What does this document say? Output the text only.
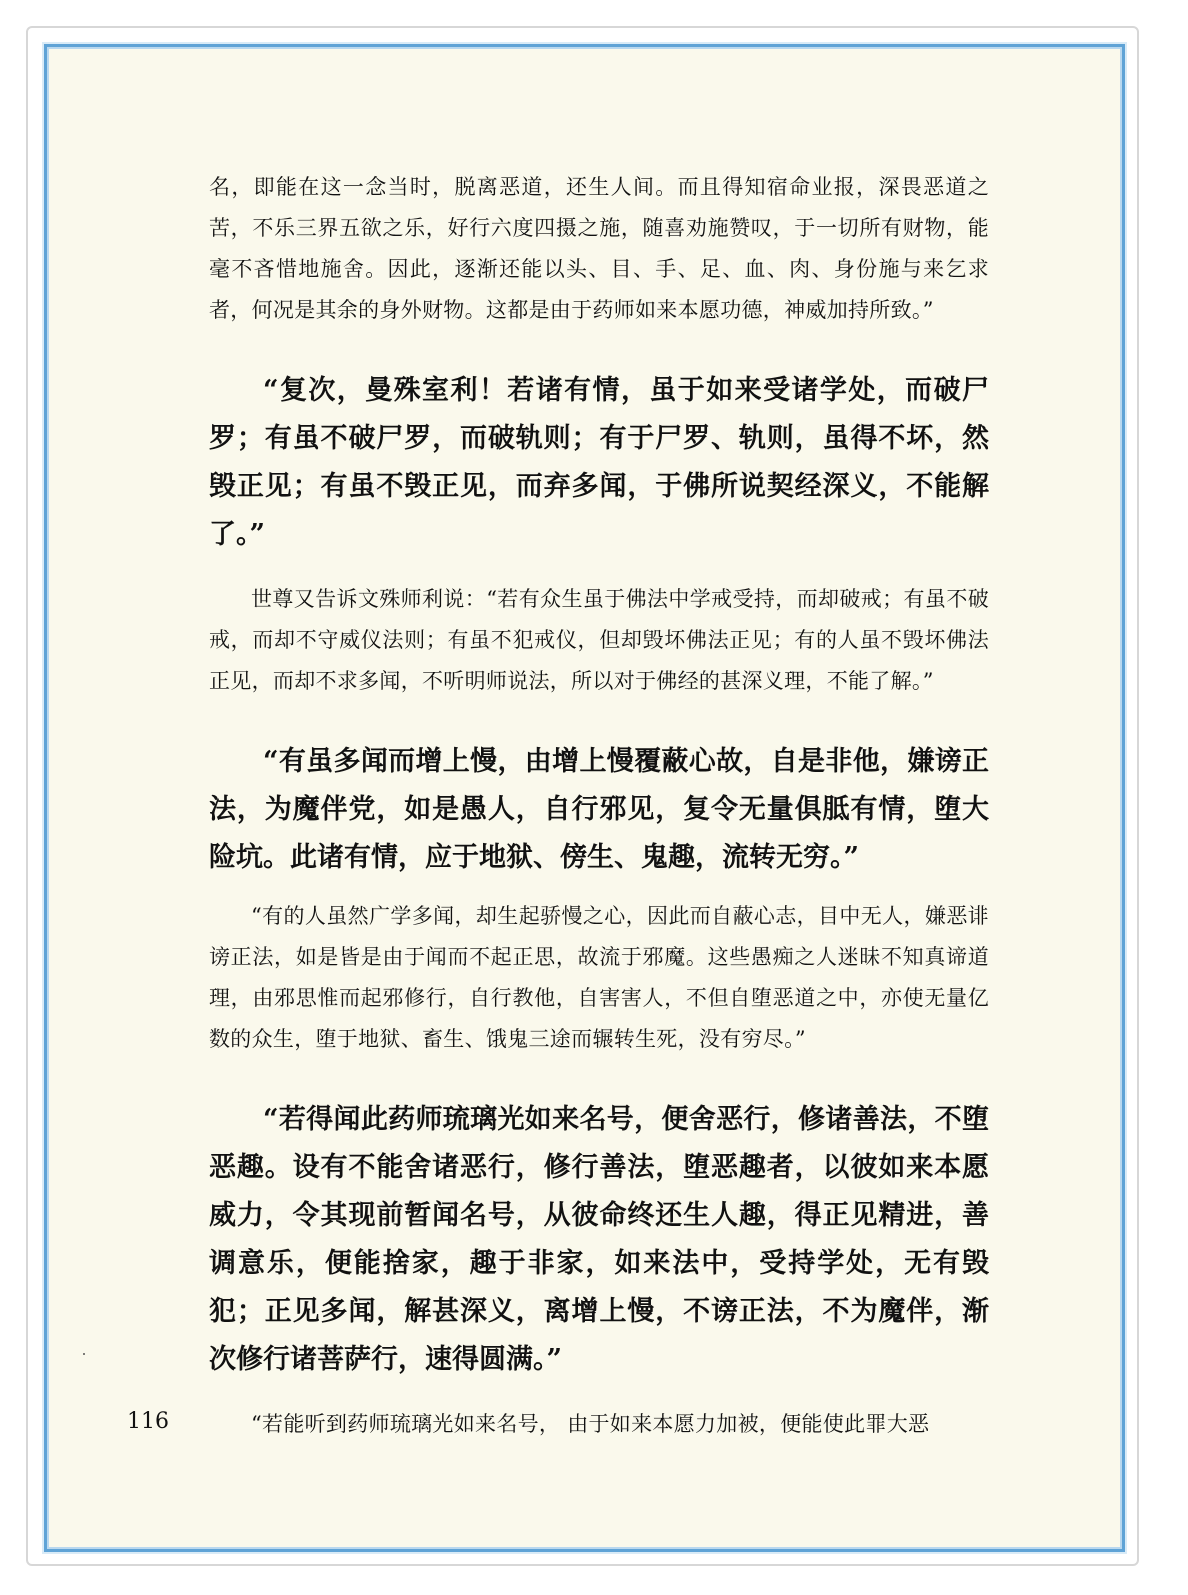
名，即能在这一念当时，脱离恶道，还生人间。而且得知宿命业报，深畏恶道之苦，不乐三界五欲之乐，好行六度四摄之施，随喜劝施赞叹，于一切所有财物，能毫不吝惜地施舍。因此，逐渐还能以头、目、手、足、血、肉、身份施与来乞求者，何况是其余的身外财物。这都是由于药师如来本愿功德，神威加持所致。”

“复次，曼殊室利！若诸有情，虽于如来受诸学处，而破尸罗；有虽不破尸罗，而破轨则；有于尸罗、轨则，虽得不坏，然毁正见；有虽不毁正见，而弃多闻，于佛所说契经深义，不能解了。”

世尊又告诉文殊师利说：“若有众生虽于佛法中学戒受持，而却破戒；有虽不破戒，而却不守威仪法则；有虽不犯戒仪，但却毁坏佛法正见；有的人虽不毁坏佛法正见，而却不求多闻，不听明师说法，所以对于佛经的甚深义理，不能了解。”

“有虽多闻而增上慢，由增上慢覆蔽心故，自是非他，嫌谤正法，为魔伴党，如是愚人，自行邪见，复令无量俱胝有情，堕大险坑。此诸有情，应于地狱、傍生、鬼趣，流转无穷。”

“有的人虽然广学多闻，却生起骄慢之心，因此而自蔽心志，目中无人，嫌恶诽谤正法，如是皆是由于闻而不起正思，故流于邪魔。这些愚痴之人迷昧不知真谛道理，由邪思惟而起邪修行，自行教他，自害害人，不但自堕恶道之中，亦使无量亿数的众生，堕于地狱、畜生、饿鬼三途而辗转生死，没有穷尽。”

“若得闻此药师琉璃光如来名号，便舍恶行，修诸善法，不堕恶趣。设有不能舍诸恶行，修行善法，堕恶趣者，以彼如来本愿威力，令其现前暂闻名号，从彼命终还生人趣，得正见精进，善调意乐，便能捨家，趣于非家，如来法中，受持学处，无有毁犯；正见多闻，解甚深义，离增上慢，不谤正法，不为魔伴，渐次修行诸菩萨行，速得圆满。”

“若能听到药师琉璃光如来名号， 由于如来本愿力加被，便能使此罪大恶

116
